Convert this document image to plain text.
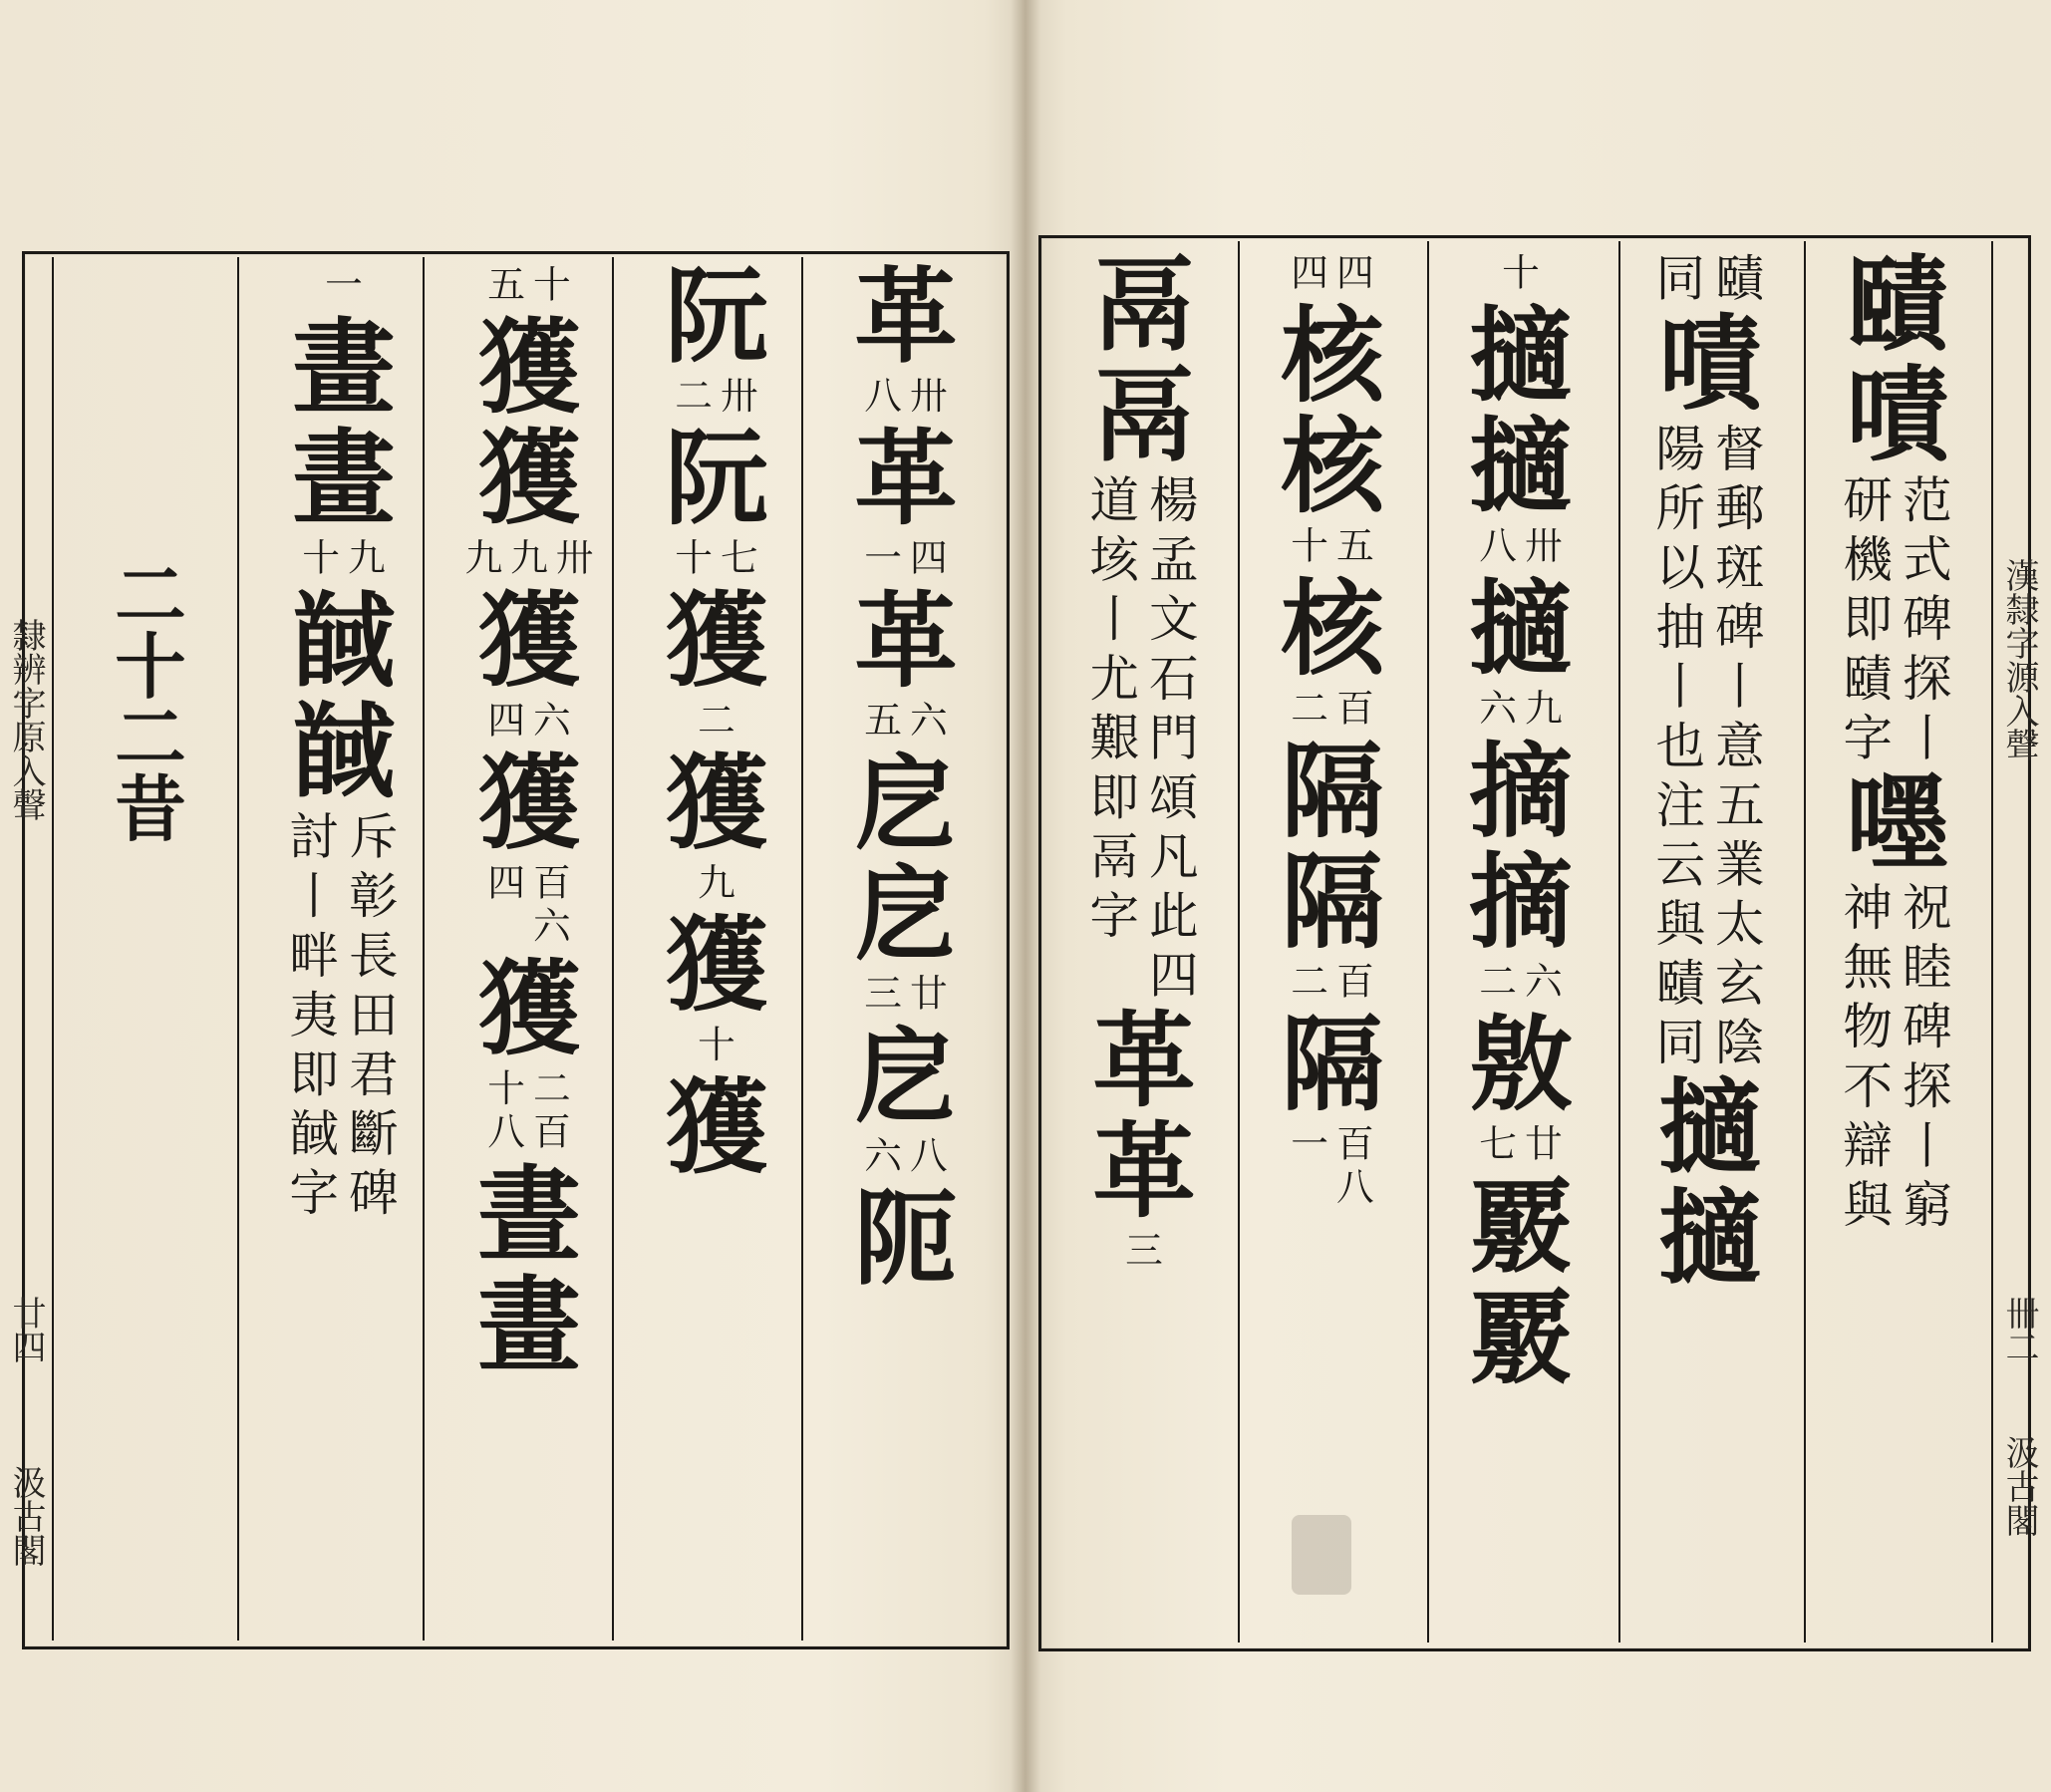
革
卅
八
革
四
一
革
六
五
戹
戹
廿
三
戹
八
六
阨
阮
卅
二
阮
七
十
獲
二
獲
九
獲
十
獲
十
五
獲
獲
卅
九
九
獲
六
四
獲
百
六
四
獲
二
百
十
八
晝
畫
一
畫
畫
九
十
馘
馘
斥
彰
長
田
君
斷
碑
討
丨
畔
夷
即
馘
字
二十二昔
隸辨字原入聲
廿四
汲古閣
賾
嘖
范
式
碑
探
丨
研
機
即
賾
字
嚜
祝
睦
碑
探
丨
窮
神
無
物
不
辯
與
賾
同
嘖
督
郵
斑
碑
丨
意
五
業
太
玄
陰
陽
所
以
抽
丨
也
注
云
與
賾
同
擿
擿
十
擿
擿
卅
八
擿
九
六
摘
摘
六
二
敫
廿
七
覈
覈
四
四
核
核
五
十
核
百
二
隔
隔
百
二
隔
百
八
一
鬲
鬲
楊
孟
文
石
門
頌
凡
此
四
道
垓
丨
尤
艱
即
鬲
字
革
革
三
漢隸字源入聲
卌二
汲古閣
